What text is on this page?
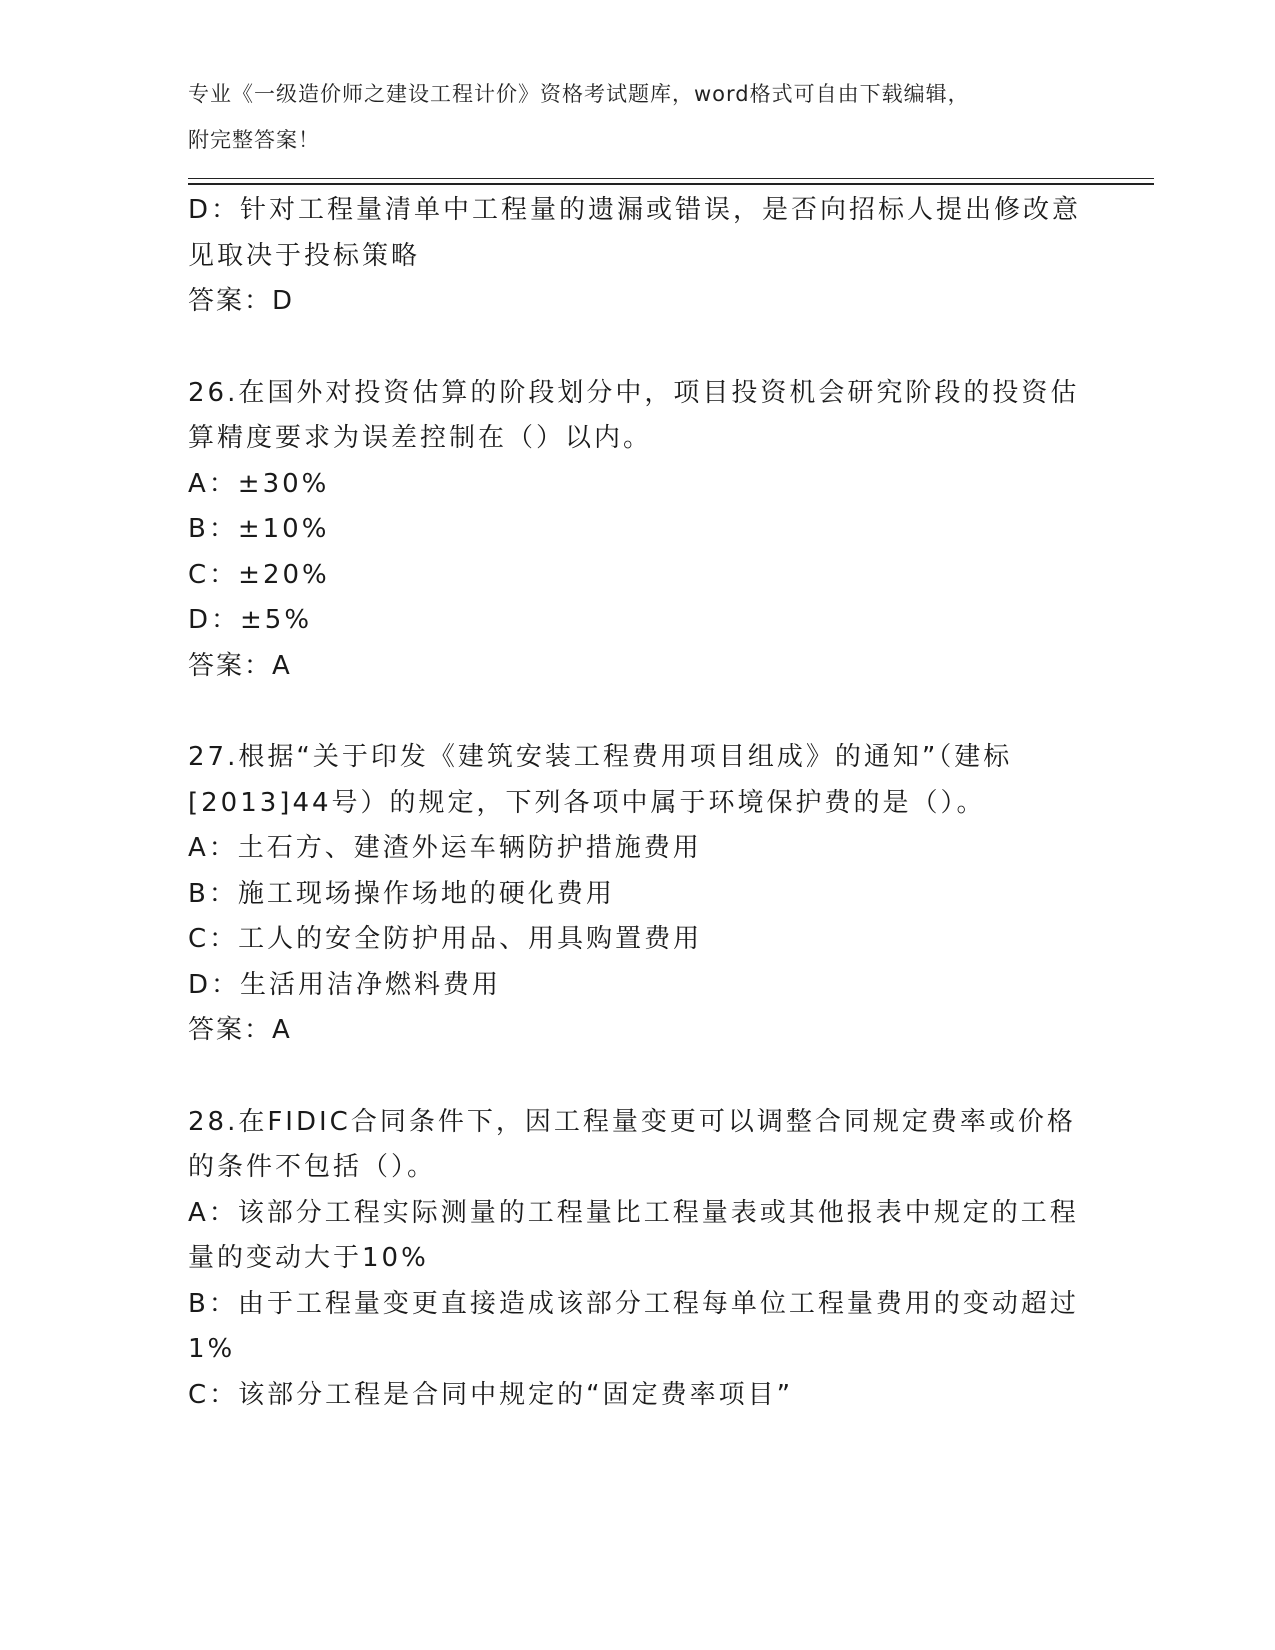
专业《一级造价师之建设工程计价》资格考试题库，word格式可自由下载编辑，
附完整答案！
D：针对工程量清单中工程量的遗漏或错误，是否向招标人提出修改意
见取决于投标策略
答案：D
26.在国外对投资估算的阶段划分中，项目投资机会研究阶段的投资估
算精度要求为误差控制在（）以内。
A：±30%
B：±10%
C：±20%
D：±5%
答案：A
27.根据“关于印发《建筑安装工程费用项目组成》的通知”（建标
[2013]44号）的规定，下列各项中属于环境保护费的是（）。
A：土石方、建渣外运车辆防护措施费用
B：施工现场操作场地的硬化费用
C：工人的安全防护用品、用具购置费用
D：生活用洁净燃料费用
答案：A
28.在FIDIC合同条件下，因工程量变更可以调整合同规定费率或价格
的条件不包括（）。
A：该部分工程实际测量的工程量比工程量表或其他报表中规定的工程
量的变动大于10%
B：由于工程量变更直接造成该部分工程每单位工程量费用的变动超过
1%
C：该部分工程是合同中规定的“固定费率项目”
